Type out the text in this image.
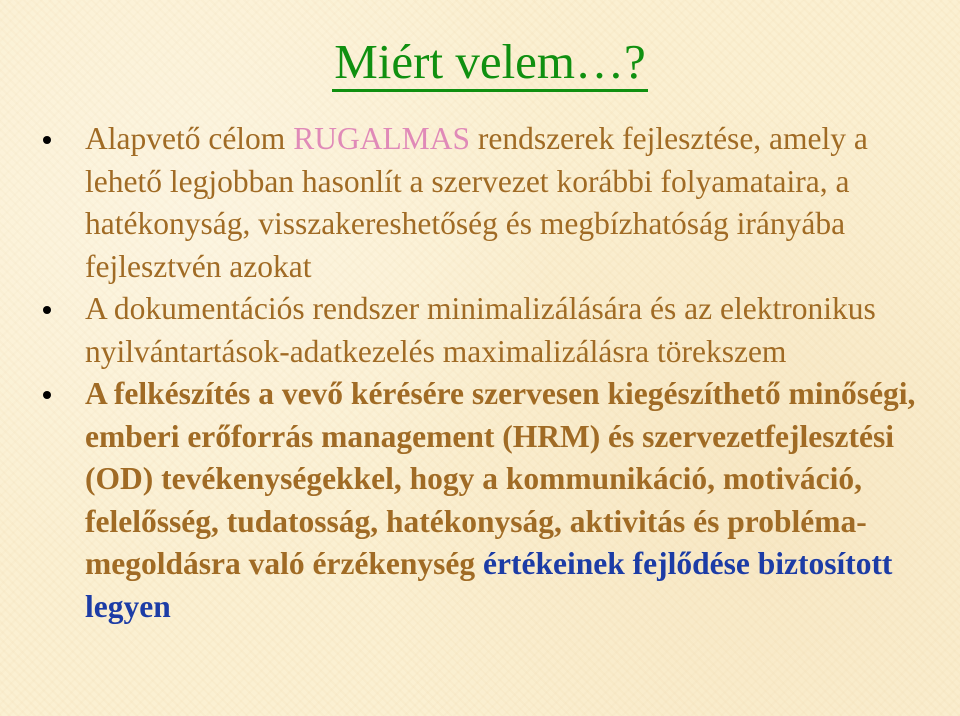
Miért velem…?
Alapvető célom RUGALMAS rendszerek fejlesztése, amely a lehető legjobban hasonlít a szervezet korábbi folyamataira, a hatékonyság, visszakereshetőség és megbízhatóság irányába fejlesztvén azokat
A dokumentációs rendszer minimalizálására és az elektronikus nyilvántartások-adatkezelés maximalizálásra törekszem
A felkészítés a vevő kérésére szervesen kiegészíthető minőségi, emberi erőforrás management (HRM) és szervezetfejlesztési (OD) tevékenységekkel, hogy a kommunikáció, motiváció, felelősség, tudatosság, hatékonyság, aktivitás és probléma-megoldásra való érzékenység értékeinek fejlődése biztosított legyen
